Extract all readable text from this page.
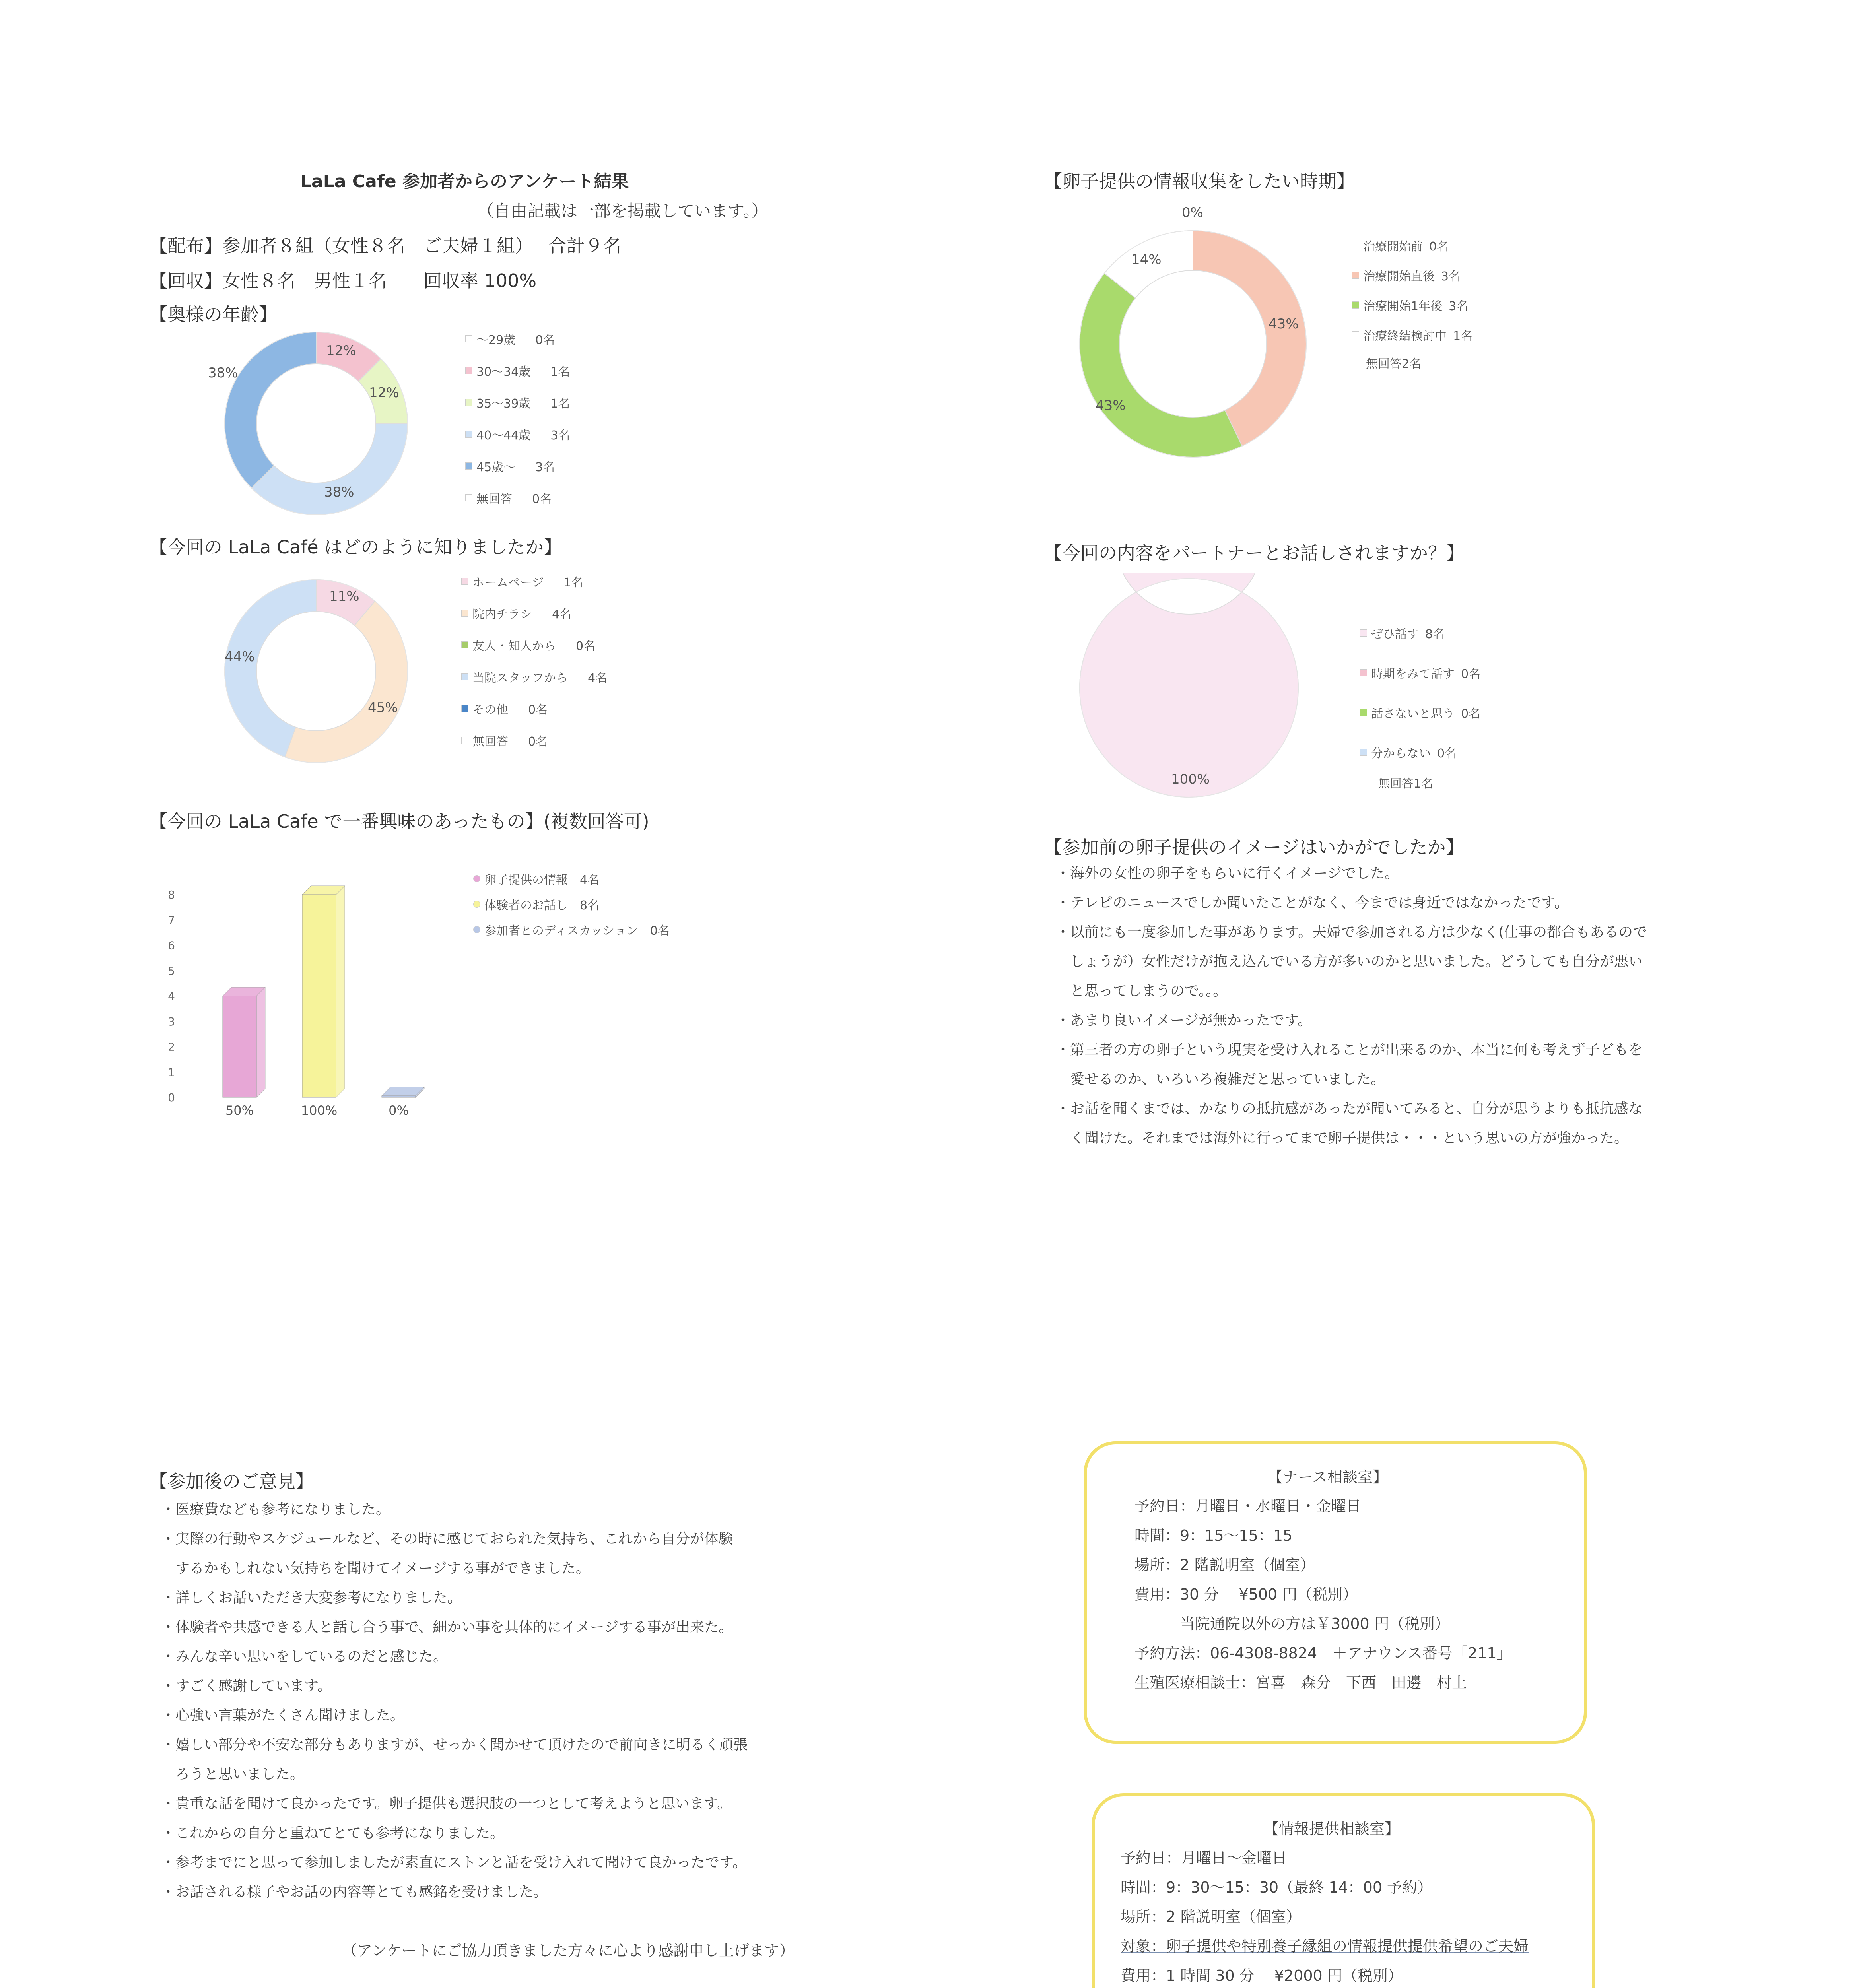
LaLa Cafe 参加者からのアンケート結果
（自由記載は一部を掲載しています。）
【配布】参加者８組（女性８名　ご夫婦１組）　 合計９名
【回収】女性８名　男性１名　　回収率 100%
【奥様の年齢】
12%
12%
38%
38%
～29歳 0名
30～34歳 1名
35～39歳 1名
40～44歳 3名
45歳～ 3名
無回答 0名
【今回の LaLa Café はどのように知りましたか】
11%
45%
44%
ホームページ 1名
院内チラシ 4名
友人・知人から 0名
当院スタッフから 4名
その他 0名
無回答 0名
【今回の LaLa Cafe で一番興味のあったもの】(複数回答可)
0
1
2
3
4
5
6
7
8
50%	100%	0%
卵子提供の情報 4名
体験者のお話し 8名
参加者とのディスカッション 0名
【卵子提供の情報収集をしたい時期】
0%
43%
43%
14%
治療開始前 0名
治療開始直後 3名
治療開始1年後 3名
治療終結検討中 1名
無回答2名
【今回の内容をパートナーとお話しされますか？】
100%
ぜひ話す 8名
時期をみて話す 0名
話さないと思う 0名
分からない 0名
無回答1名
【参加前の卵子提供のイメージはいかがでしたか】
・海外の女性の卵子をもらいに行くイメージでした。
・テレビのニュースでしか聞いたことがなく、今までは身近ではなかったです。
・以前にも一度参加した事があります。夫婦で参加される方は少なく(仕事の都合もあるので
　しょうが）女性だけが抱え込んでいる方が多いのかと思いました。どうしても自分が悪い
　と思ってしまうので。。。
・あまり良いイメージが無かったです。
・第三者の方の卵子という現実を受け入れることが出来るのか、本当に何も考えず子どもを
　愛せるのか、いろいろ複雑だと思っていました。
・お話を聞くまでは、かなりの抵抗感があったが聞いてみると、自分が思うよりも抵抗感な
　く聞けた。それまでは海外に行ってまで卵子提供は・・・という思いの方が強かった。
【参加後のご意見】
・医療費なども参考になりました。
・実際の行動やスケジュールなど、その時に感じておられた気持ち、これから自分が体験
　するかもしれない気持ちを聞けてイメージする事ができました。
・詳しくお話いただき大変参考になりました。
・体験者や共感できる人と話し合う事で、細かい事を具体的にイメージする事が出来た。
・みんな辛い思いをしているのだと感じた。
・すごく感謝しています。
・心強い言葉がたくさん聞けました。
・嬉しい部分や不安な部分もありますが、せっかく聞かせて頂けたので前向きに明るく頑張
　ろうと思いました。
・貴重な話を聞けて良かったです。卵子提供も選択肢の一つとして考えようと思います。
・これからの自分と重ねてとても参考になりました。
・参考までにと思って参加しましたが素直にストンと話を受け入れて聞けて良かったです。
・お話される様子やお話の内容等とても感銘を受けました。
（アンケートにご協力頂きました方々に心より感謝申し上げます）
【ナース相談室】
予約日：月曜日・水曜日・金曜日
時間：9：15～15：15
場所：2 階説明室（個室）
費用：30 分　 ¥500 円（税別）
　　　当院通院以外の方は￥3000 円（税別）
予約方法：06-4308-8824　＋アナウンス番号「211」
生殖医療相談士：宮喜　森分　下西　田邊　村上
【情報提供相談室】
予約日：月曜日～金曜日
時間：9：30～15：30（最終 14：00 予約）
場所：2 階説明室（個室）
対象：卵子提供や特別養子縁組の情報提供提供希望のご夫婦
費用：1 時間 30 分　 ¥2000 円（税別）
